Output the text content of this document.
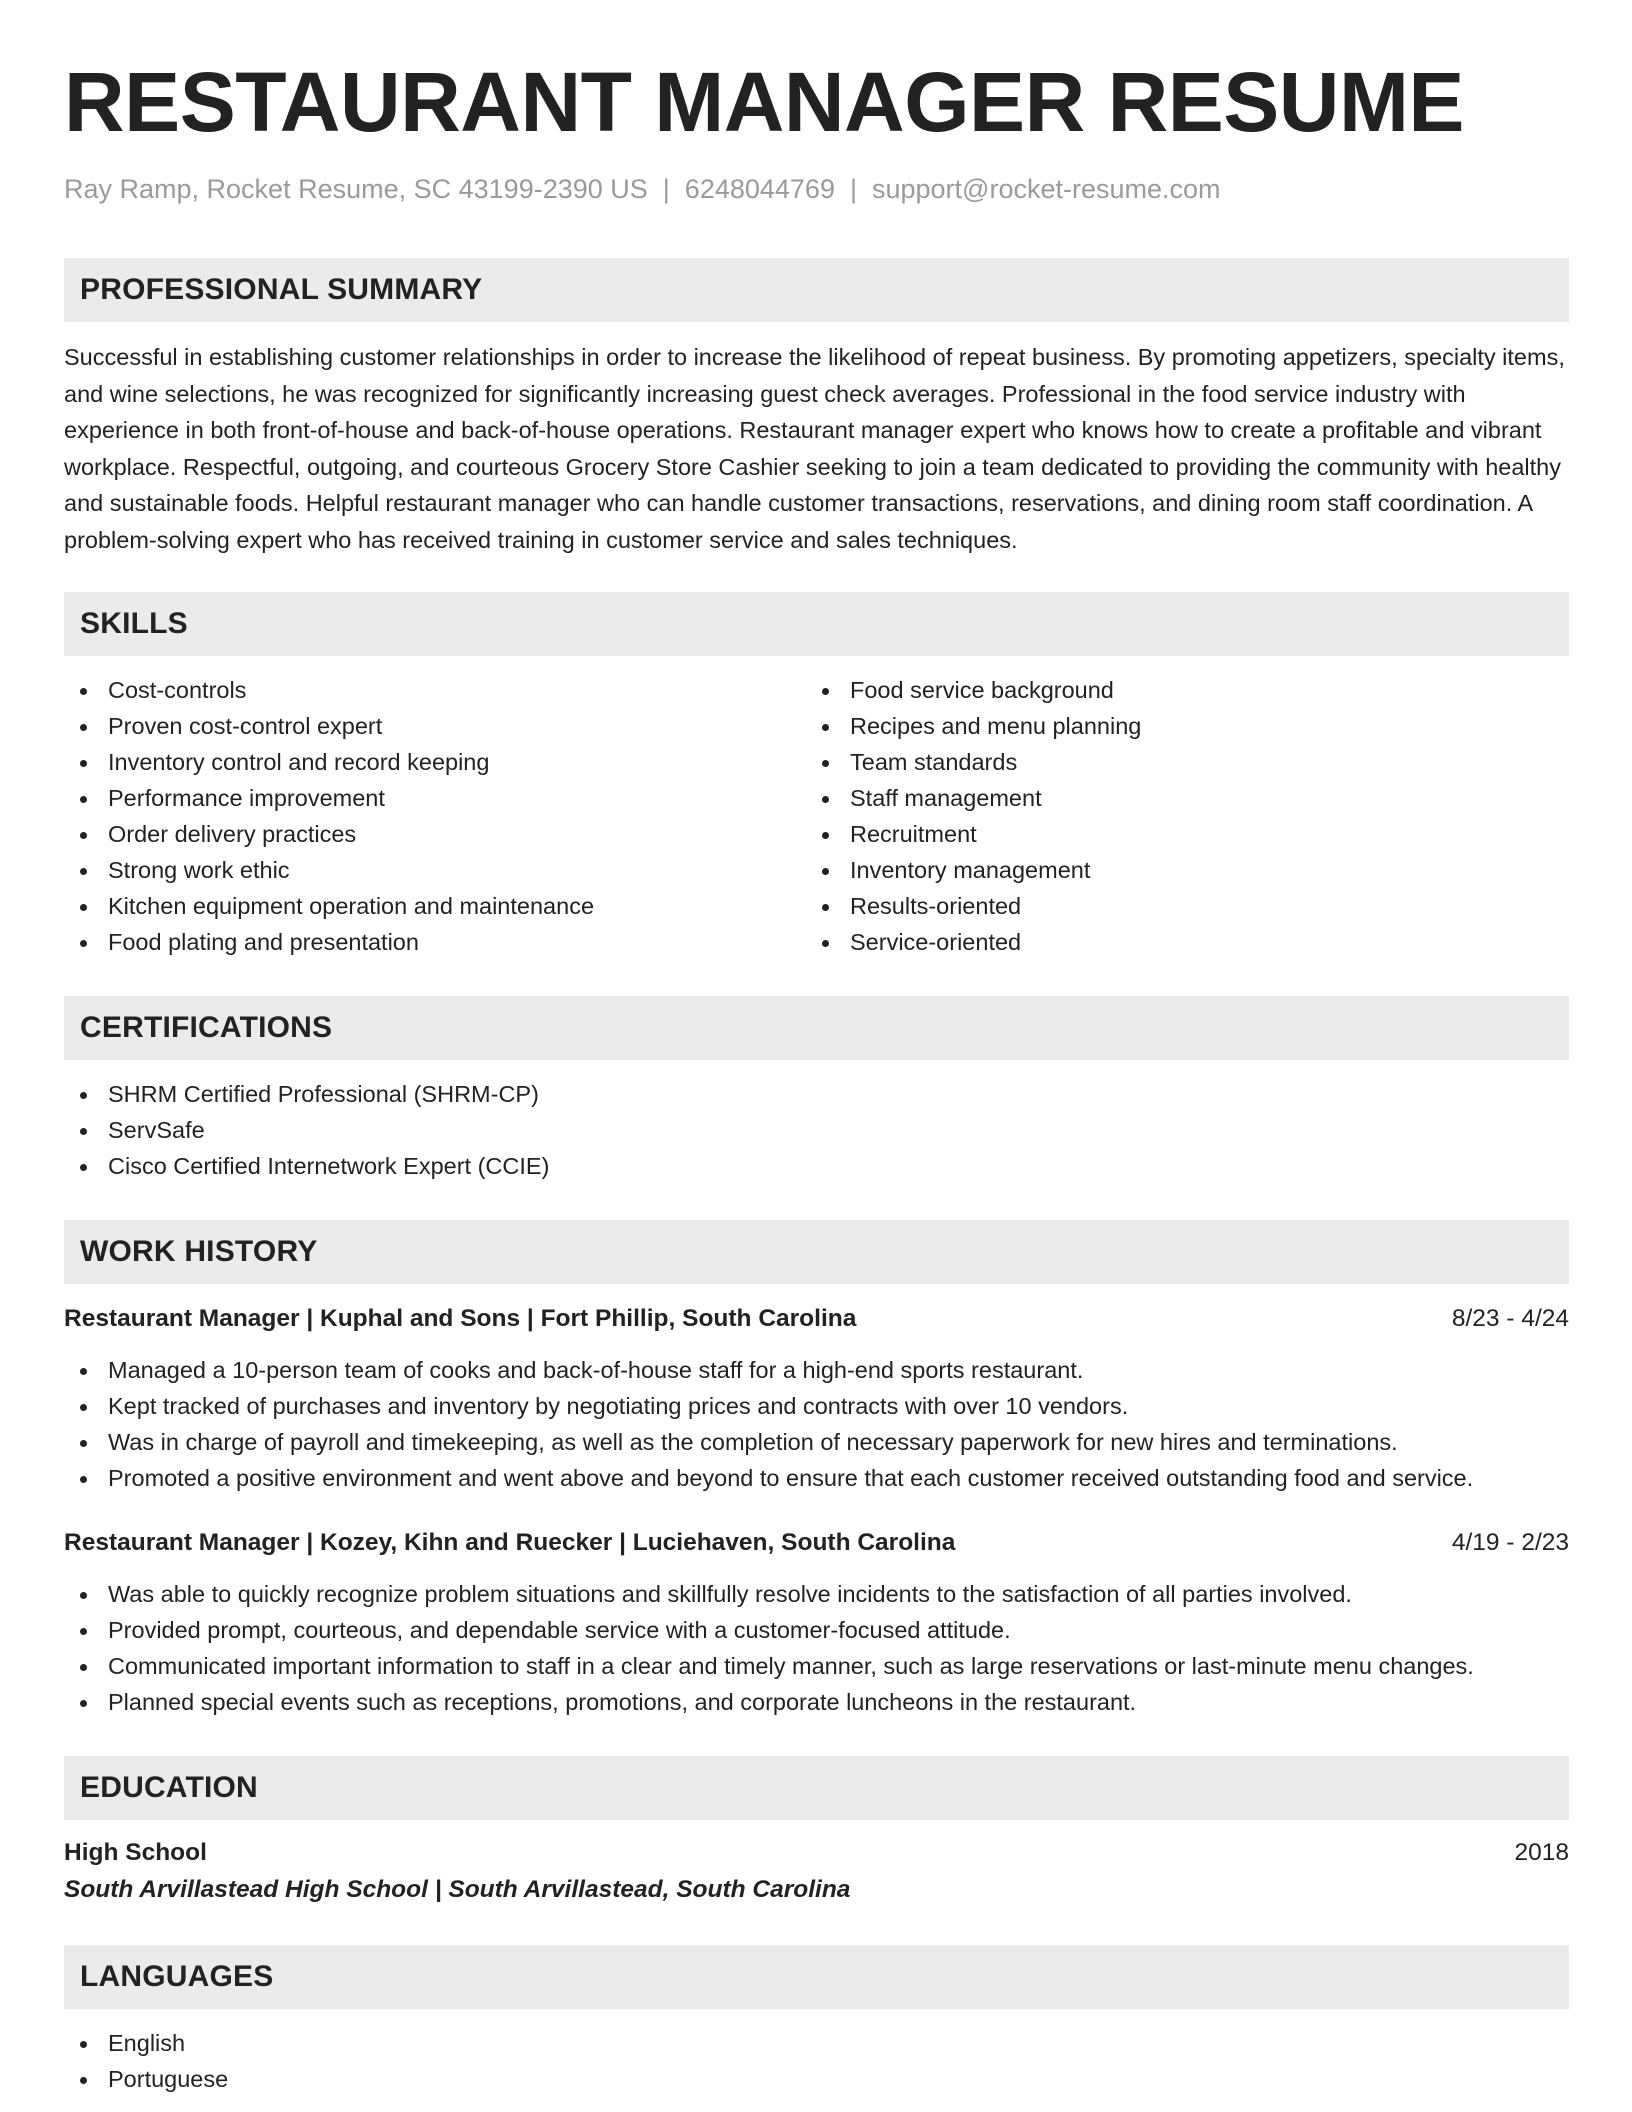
RESTAURANT MANAGER RESUME
Ray Ramp, Rocket Resume, SC 43199-2390 US | 6248044769 | support@rocket-resume.com
PROFESSIONAL SUMMARY
Successful in establishing customer relationships in order to increase the likelihood of repeat business. By promoting appetizers, specialty items, and wine selections, he was recognized for significantly increasing guest check averages. Professional in the food service industry with experience in both front-of-house and back-of-house operations. Restaurant manager expert who knows how to create a profitable and vibrant workplace. Respectful, outgoing, and courteous Grocery Store Cashier seeking to join a team dedicated to providing the community with healthy and sustainable foods. Helpful restaurant manager who can handle customer transactions, reservations, and dining room staff coordination. A problem-solving expert who has received training in customer service and sales techniques.
SKILLS
Cost-controls
Proven cost-control expert
Inventory control and record keeping
Performance improvement
Order delivery practices
Strong work ethic
Kitchen equipment operation and maintenance
Food plating and presentation
Food service background
Recipes and menu planning
Team standards
Staff management
Recruitment
Inventory management
Results-oriented
Service-oriented
CERTIFICATIONS
SHRM Certified Professional (SHRM-CP)
ServSafe
Cisco Certified Internetwork Expert (CCIE)
WORK HISTORY
Restaurant Manager | Kuphal and Sons | Fort Phillip, South Carolina	8/23 - 4/24
Managed a 10-person team of cooks and back-of-house staff for a high-end sports restaurant.
Kept tracked of purchases and inventory by negotiating prices and contracts with over 10 vendors.
Was in charge of payroll and timekeeping, as well as the completion of necessary paperwork for new hires and terminations.
Promoted a positive environment and went above and beyond to ensure that each customer received outstanding food and service.
Restaurant Manager | Kozey, Kihn and Ruecker | Luciehaven, South Carolina	4/19 - 2/23
Was able to quickly recognize problem situations and skillfully resolve incidents to the satisfaction of all parties involved.
Provided prompt, courteous, and dependable service with a customer-focused attitude.
Communicated important information to staff in a clear and timely manner, such as large reservations or last-minute menu changes.
Planned special events such as receptions, promotions, and corporate luncheons in the restaurant.
EDUCATION
High School	2018
South Arvillastead High School | South Arvillastead, South Carolina
LANGUAGES
English
Portuguese
